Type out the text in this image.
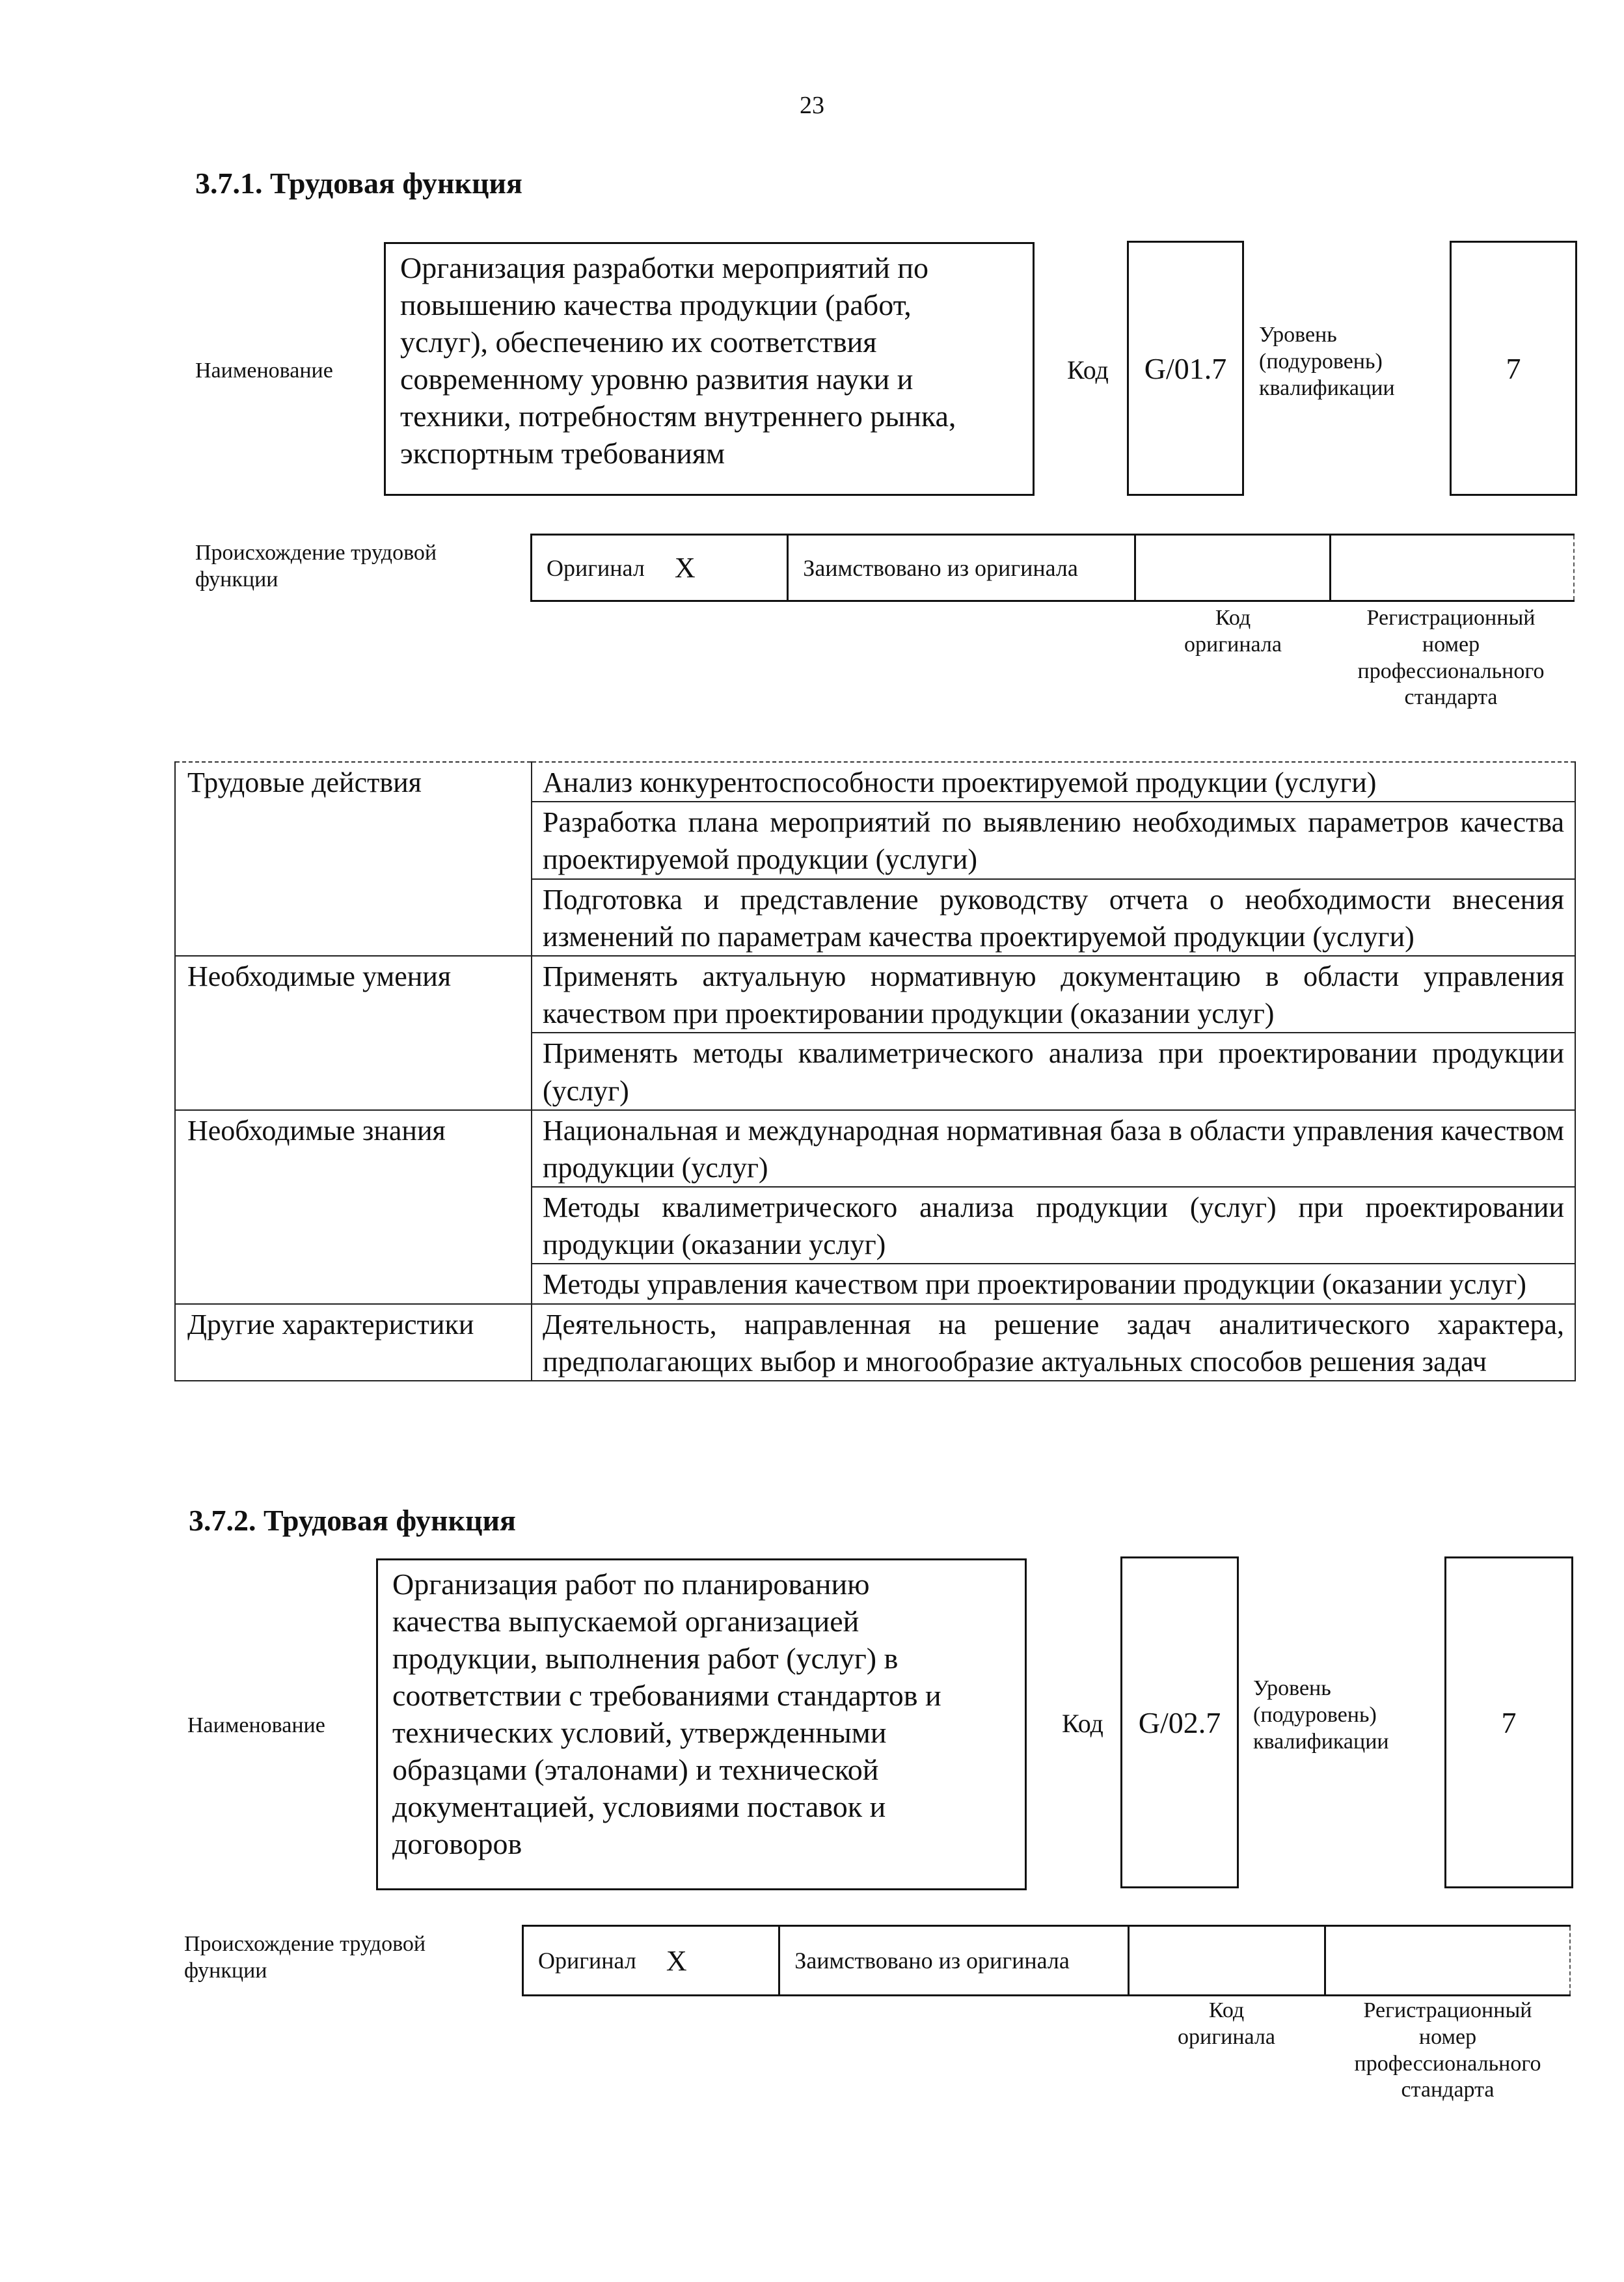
23
3.7.1. Трудовая функция
Наименование
Организация разработки мероприятий по
повышению качества продукции (работ,
услуг), обеспечению их соответствия
современному уровню развития науки и
техники, потребностям внутреннего рынка,
экспортным требованиям
Код	G/01.7
Уровень
(подуровень)
квалификации
7
Происхождение трудовой
функции	Оригинал X	Заимствовано из оригинала
Код
оригинала
Регистрационный
номер
профессионального
стандарта
Трудовые действия	Анализ конкурентоспособности проектируемой продукции (услуги)
	Разработка плана мероприятий по выявлению необходимых параметров качества проектируемой продукции (услуги)
	Подготовка и представление руководству отчета о необходимости внесения изменений по параметрам качества проектируемой продукции (услуги)
Необходимые умения	Применять актуальную нормативную документацию в области управления качеством при проектировании продукции (оказании услуг)
	Применять методы квалиметрического анализа при проектировании продукции (услуг)
Необходимые знания	Национальная и международная нормативная база в области управления качеством продукции (услуг)
	Методы квалиметрического анализа продукции (услуг) при проектировании продукции (оказании услуг)
	Методы управления качеством при проектировании продукции (оказании услуг)
Другие характеристики	Деятельность, направленная на решение задач аналитического характера, предполагающих выбор и многообразие актуальных способов решения задач
3.7.2. Трудовая функция
Наименование
Организация работ по планированию
качества выпускаемой организацией
продукции, выполнения работ (услуг) в
соответствии с требованиями стандартов и
технических условий, утвержденными
образцами (эталонами) и технической
документацией, условиями поставок и
договоров
Код	G/02.7
Уровень
(подуровень)
квалификации
7
Происхождение трудовой
функции	Оригинал X	Заимствовано из оригинала
Код
оригинала
Регистрационный
номер
профессионального
стандарта
